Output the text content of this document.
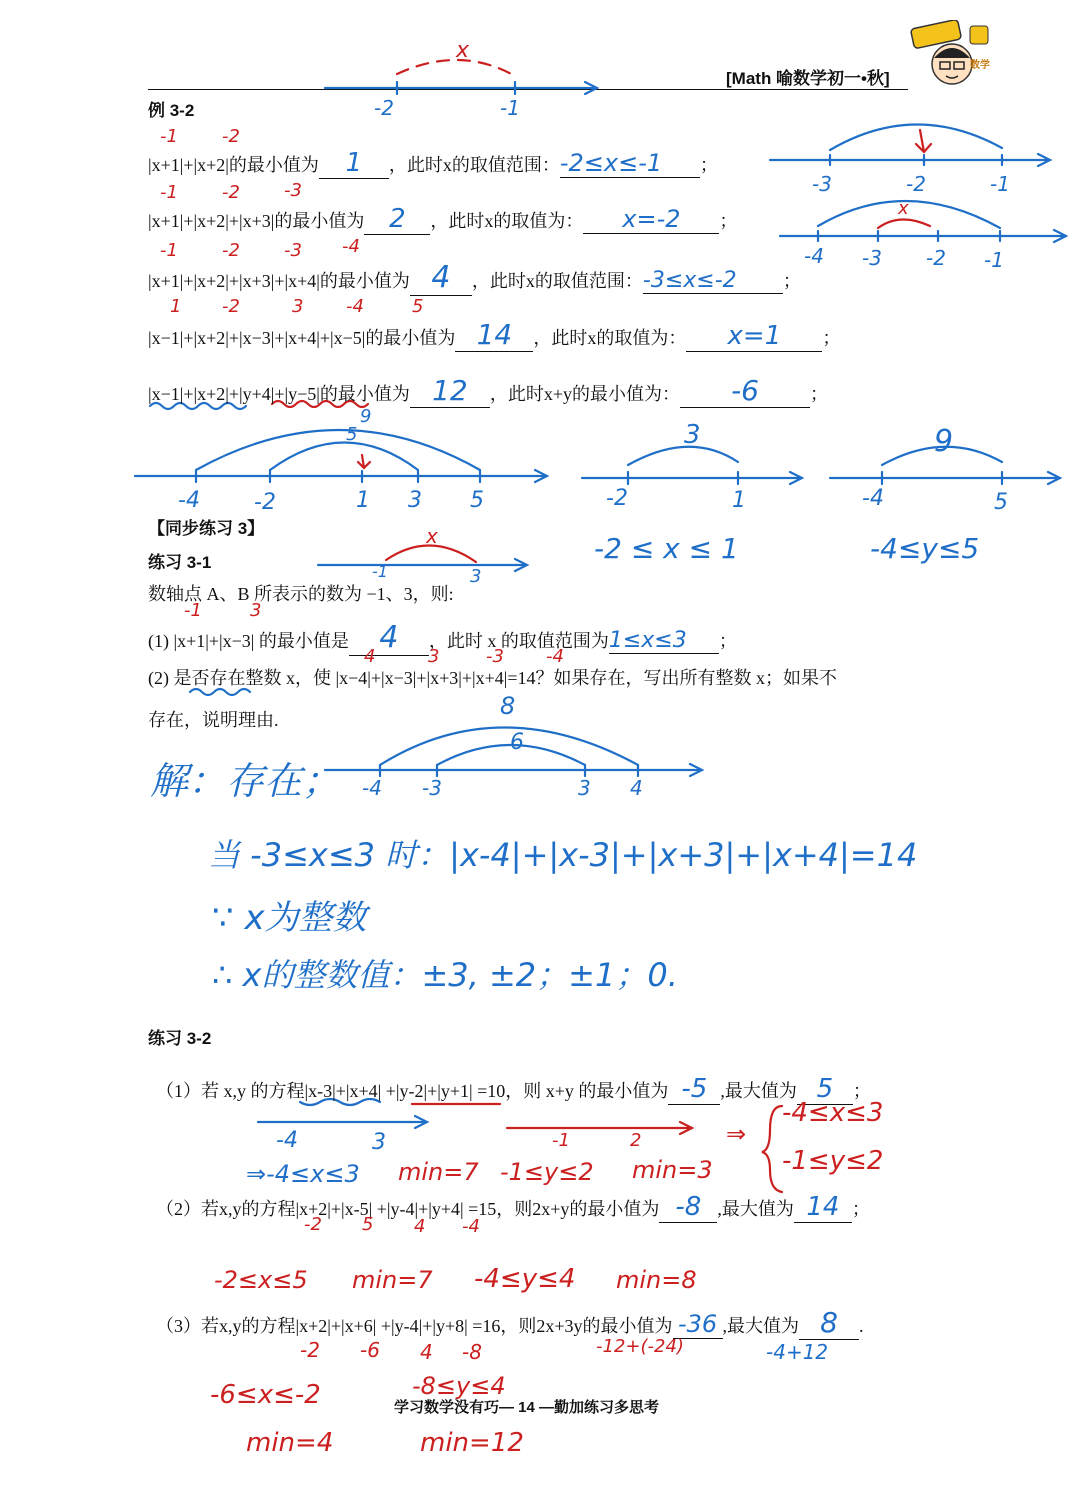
[Math 喻数学初一•秋]
数学
例 3-2
|x+1|+|x+2|的最小值为 1 ，此时x的取值范围：-2≤x≤-1 ；
|x+1|+|x+2|+|x+3|的最小值为 2 ，此时x的取值为： x=-2 ；
|x+1|+|x+2|+|x+3|+|x+4|的最小值为 4 ，此时x的取值范围：-3≤x≤-2	；
|x−1|+|x+2|+|x−3|+|x+4|+|x−5|的最小值为 14 ，此时x的取值为： x=1 ；
|x−1|+|x+2|+|y+4|+|y−5|的最小值为 12 ，此时x+y的最小值为： -6	；
-1 -2
-1 -2 -3
-1 -2 -3 -4
1 -2	3 -4	5
-2	-1
x
-3	-2	-1
-4 -3 -2 -1
x
-4 -2	1 3 5
9
5
-2	1
3
-4	5
9
-2 ≤ x ≤ 1	-4≤y≤5
【同步练习 3】
练习 3-1	-1	3
x
数轴点 A、B 所表示的数为 −1、3，则:
-1	3
(1) |x+1|+|x−3| 的最小值是 4 ，此时 x 的取值范围为1≤x≤3 ；
4	3	-3 -4
(2) 是否存在整数 x，使 |x−4|+|x−3|+|x+3|+|x+4|=14？如果存在，写出所有整数 x；如果不
存在，说明理由.
解：存在； -4 -3	3 4
8
6
当 -3≤x≤3 时：|x-4|+|x-3|+|x+3|+|x+4|=14
∵ x为整数
∴ x的整数值：±3, ±2；±1；0.
练习 3-2
（1）若 x,y 的方程|x-3|+|x+4| +|y-2|+|y+1| =10，则 x+y 的最小值为 -5 ,最大值为 5 ；
-4	3	-1	2
⇒-4≤x≤3 min=7 -1≤y≤2 min=3
⇒
-4≤x≤3
-1≤y≤2
（2）若x,y的方程|x+2|+|x-5| +|y-4|+|y+4| =15，则2x+y的最小值为 -8 ,最大值为 14 ；
-2 5 4 -4
-2≤x≤5 min=7 -4≤y≤4 min=8
（3）若x,y的方程|x+2|+|x+6| +|y-4|+|y+8| =16，则2x+3y的最小值为 -36 ,最大值为 8 .
-2 -6 4 -8	-12+(-24)	-4+12
-6≤x≤-2	-8≤y≤4
min=4	min=12
学习数学没有巧— 14 —勤加练习多思考
